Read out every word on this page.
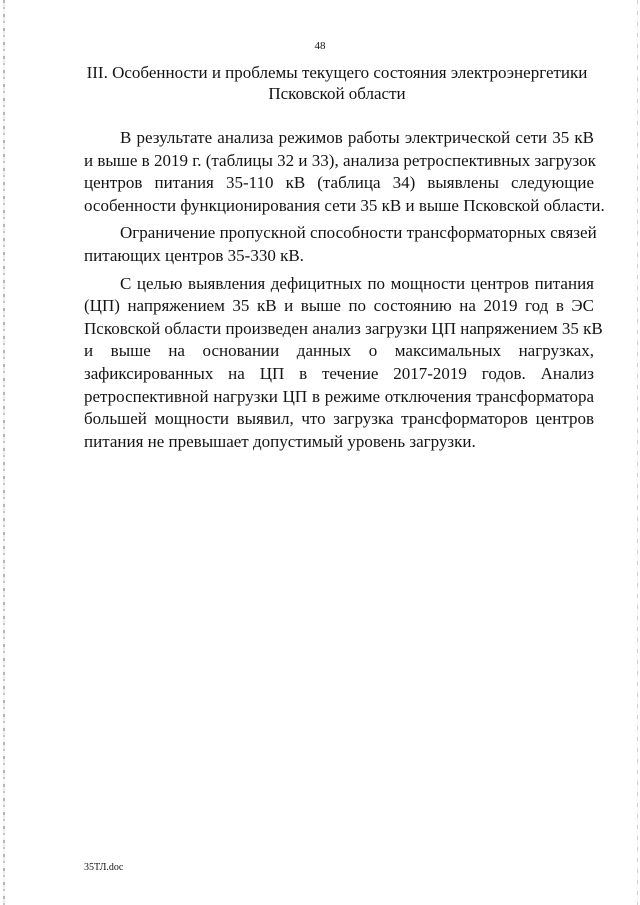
48
III. Особенности и проблемы текущего состояния электроэнергетики
Псковской области

В результате анализа режимов работы электрической сети 35 кВ
и выше в 2019 г. (таблицы 32 и 33), анализа ретроспективных загрузок
центров питания 35-110 кВ (таблица 34) выявлены следующие
особенности функционирования сети 35 кВ и выше Псковской области.

Ограничение пропускной способности трансформаторных связей
питающих центров 35-330 кВ.

С целью выявления дефицитных по мощности центров питания
(ЦП) напряжением 35 кВ и выше по состоянию на 2019 год в ЭС
Псковской области произведен анализ загрузки ЦП напряжением 35 кВ
и выше на основании данных о максимальных нагрузках,
зафиксированных на ЦП в течение 2017-2019 годов. Анализ
ретроспективной нагрузки ЦП в режиме отключения трансформатора
большей мощности выявил, что загрузка трансформаторов центров
питания не превышает допустимый уровень загрузки.

35ТЛ.doc
